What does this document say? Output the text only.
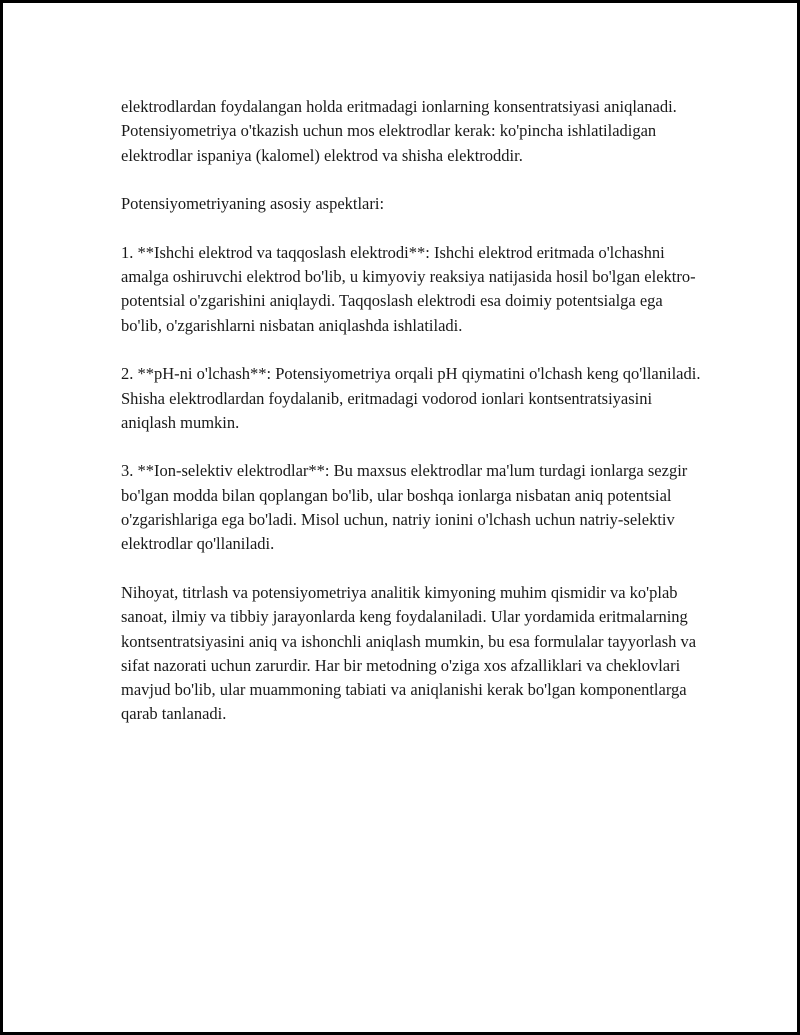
elektrodlardan foydalangan holda eritmadagi ionlarning konsentratsiyasi aniqlanadi. Potensiyometriya o'tkazish uchun mos elektrodlar kerak: ko'pincha ishlatiladigan elektrodlar ispaniya (kalomel) elektrod va shisha elektroddir.

Potensiyometriyaning asosiy aspektlari:

1. **Ishchi elektrod va taqqoslash elektrodi**: Ishchi elektrod eritmada o'lchashni amalga oshiruvchi elektrod bo'lib, u kimyoviy reaksiya natijasida hosil bo'lgan elektro-potentsial o'zgarishini aniqlaydi. Taqqoslash elektrodi esa doimiy potentsialga ega bo'lib, o'zgarishlarni nisbatan aniqlashda ishlatiladi.

2. **pH-ni o'lchash**: Potensiyometriya orqali pH qiymatini o'lchash keng qo'llaniladi. Shisha elektrodlardan foydalanib, eritmadagi vodorod ionlari kontsentratsiyasini aniqlash mumkin.

3. **Ion-selektiv elektrodlar**: Bu maxsus elektrodlar ma'lum turdagi ionlarga sezgir bo'lgan modda bilan qoplangan bo'lib, ular boshqa ionlarga nisbatan aniq potentsial o'zgarishlariga ega bo'ladi. Misol uchun, natriy ionini o'lchash uchun natriy-selektiv elektrodlar qo'llaniladi.

Nihoyat, titrlash va potensiyometriya analitik kimyoning muhim qismidir va ko'plab sanoat, ilmiy va tibbiy jarayonlarda keng foydalaniladi. Ular yordamida eritmalarning kontsentratsiyasini aniq va ishonchli aniqlash mumkin, bu esa formulalar tayyorlash va sifat nazorati uchun zarurdir. Har bir metodning o'ziga xos afzalliklari va cheklovlari mavjud bo'lib, ular muammoning tabiati va aniqlanishi kerak bo'lgan komponentlarga qarab tanlanadi.
